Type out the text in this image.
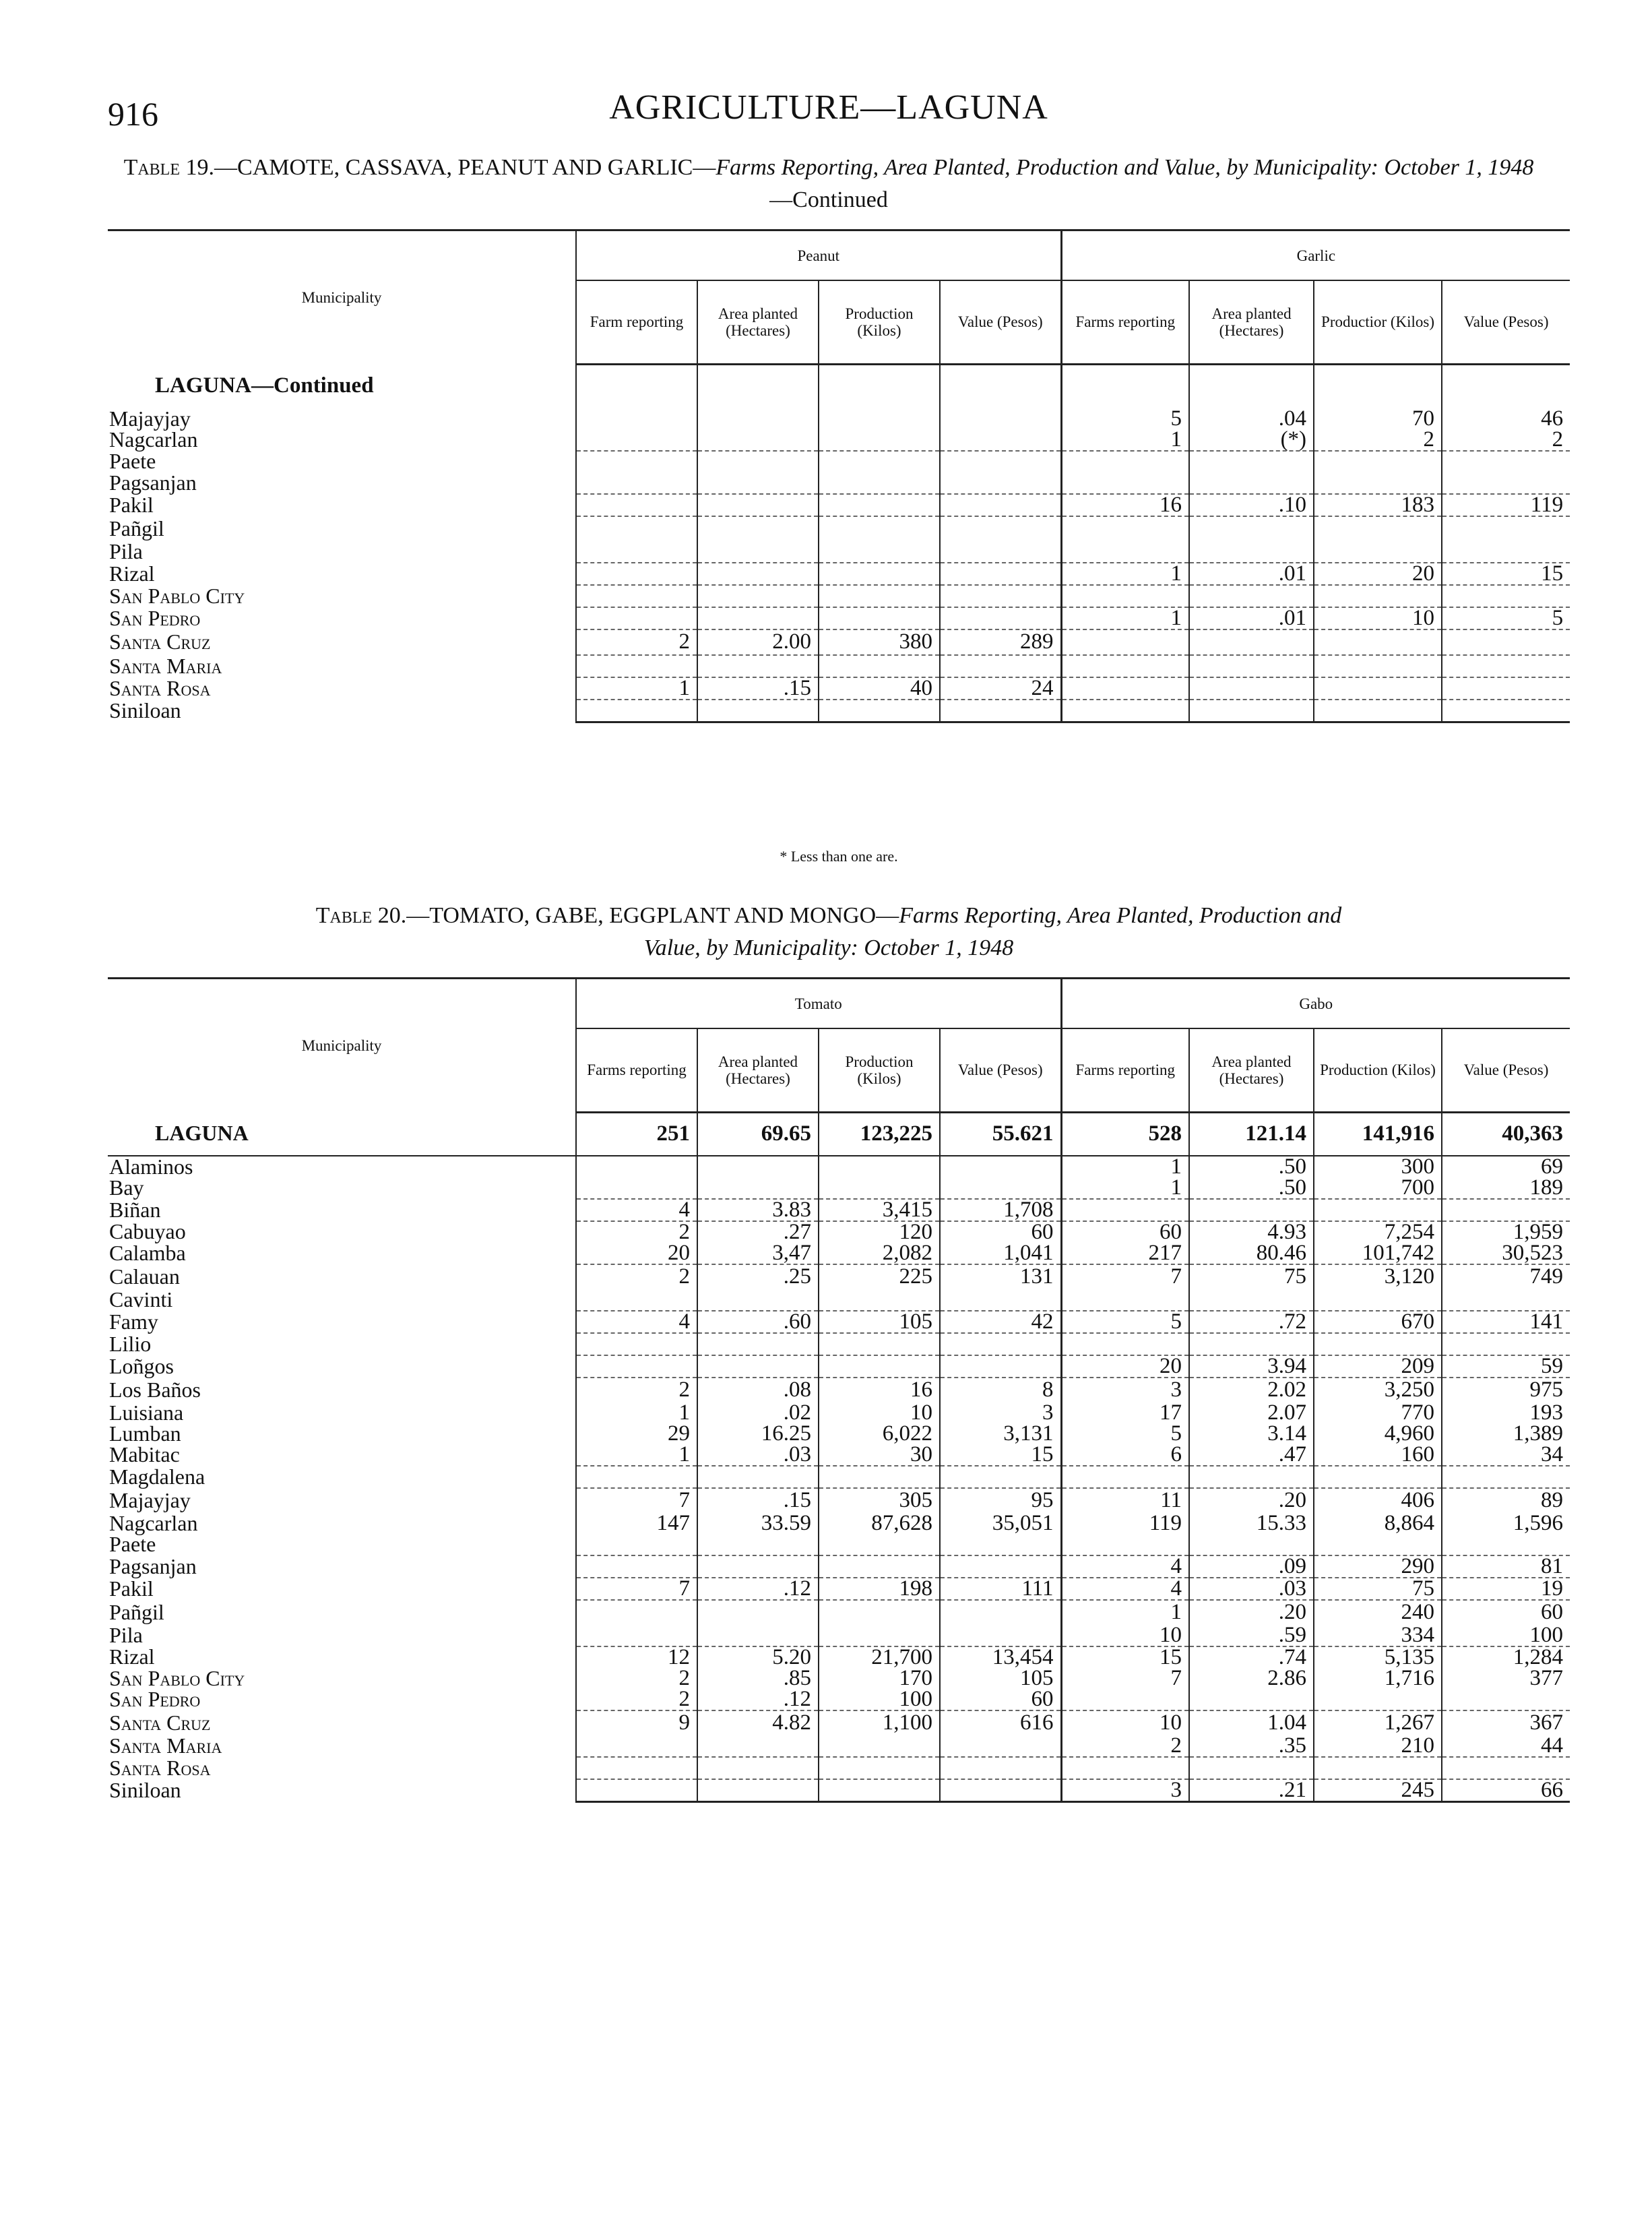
916	AGRICULTURE—LAGUNA
Table 19.—CAMOTE, CASSAVA, PEANUT AND GARLIC—Farms Reporting, Area Planted, Production and Value, by Municipality: October 1, 1948—Continued
Municipality	Peanut				Garlic			
	Farm reporting	Area planted (Hectares)	Production (Kilos)	Value (Pesos)	Farms reporting	Area planted (Hectares)	Productior (Kilos)	Value (Pesos)
LAGUNA—Continued								
Majayjay					5	.04	70	46
Nagcarlan					1	(*)	2	2
Paete								
Pagsanjan								
Pakil					16	.10	183	119
Pañgil								
Pila								
Rizal					1	.01	20	15
San Pablo City								
San Pedro					1	.01	10	5
Santa Cruz	2	2.00	380	289				
Santa Maria								
Santa Rosa	1	.15	40	24				
Siniloan								
* Less than one are.
Table 20.—TOMATO, GABE, EGGPLANT AND MONGO—Farms Reporting, Area Planted, Production and
Value, by Municipality: October 1, 1948
Municipality	Tomato				Gabo			
	Farms reporting	Area planted (Hectares)	Production (Kilos)	Value (Pesos)	Farms reporting	Area planted (Hectares)	Production (Kilos)	Value (Pesos)
LAGUNA	251	69.65	123,225	55.621	528	121.14	141,916	40,363
Alaminos					1	.50	300	69
Bay					1	.50	700	189
Biñan	4	3.83	3,415	1,708				
Cabuyao	2	.27	120	60	60	4.93	7,254	1,959
Calamba	20	3,47	2,082	1,041	217	80.46	101,742	30,523
Calauan	2	.25	225	131	7	75	3,120	749
Cavinti								
Famy	4	.60	105	42	5	.72	670	141
Lilio								
Loñgos					20	3.94	209	59
Los Baños	2	.08	16	8	3	2.02	3,250	975
Luisiana	1	.02	10	3	17	2.07	770	193
Lumban	29	16.25	6,022	3,131	5	3.14	4,960	1,389
Mabitac	1	.03	30	15	6	.47	160	34
Magdalena								
Majayjay	7	.15	305	95	11	.20	406	89
Nagcarlan	147	33.59	87,628	35,051	119	15.33	8,864	1,596
Paete								
Pagsanjan					4	.09	290	81
Pakil	7	.12	198	111	4	.03	75	19
Pañgil					1	.20	240	60
Pila					10	.59	334	100
Rizal	12	5.20	21,700	13,454	15	.74	5,135	1,284
San Pablo City	2	.85	170	105	7	2.86	1,716	377
San Pedro	2	.12	100	60				
Santa Cruz	9	4.82	1,100	616	10	1.04	1,267	367
Santa Maria					2	.35	210	44
Santa Rosa								
Siniloan					3	.21	245	66
